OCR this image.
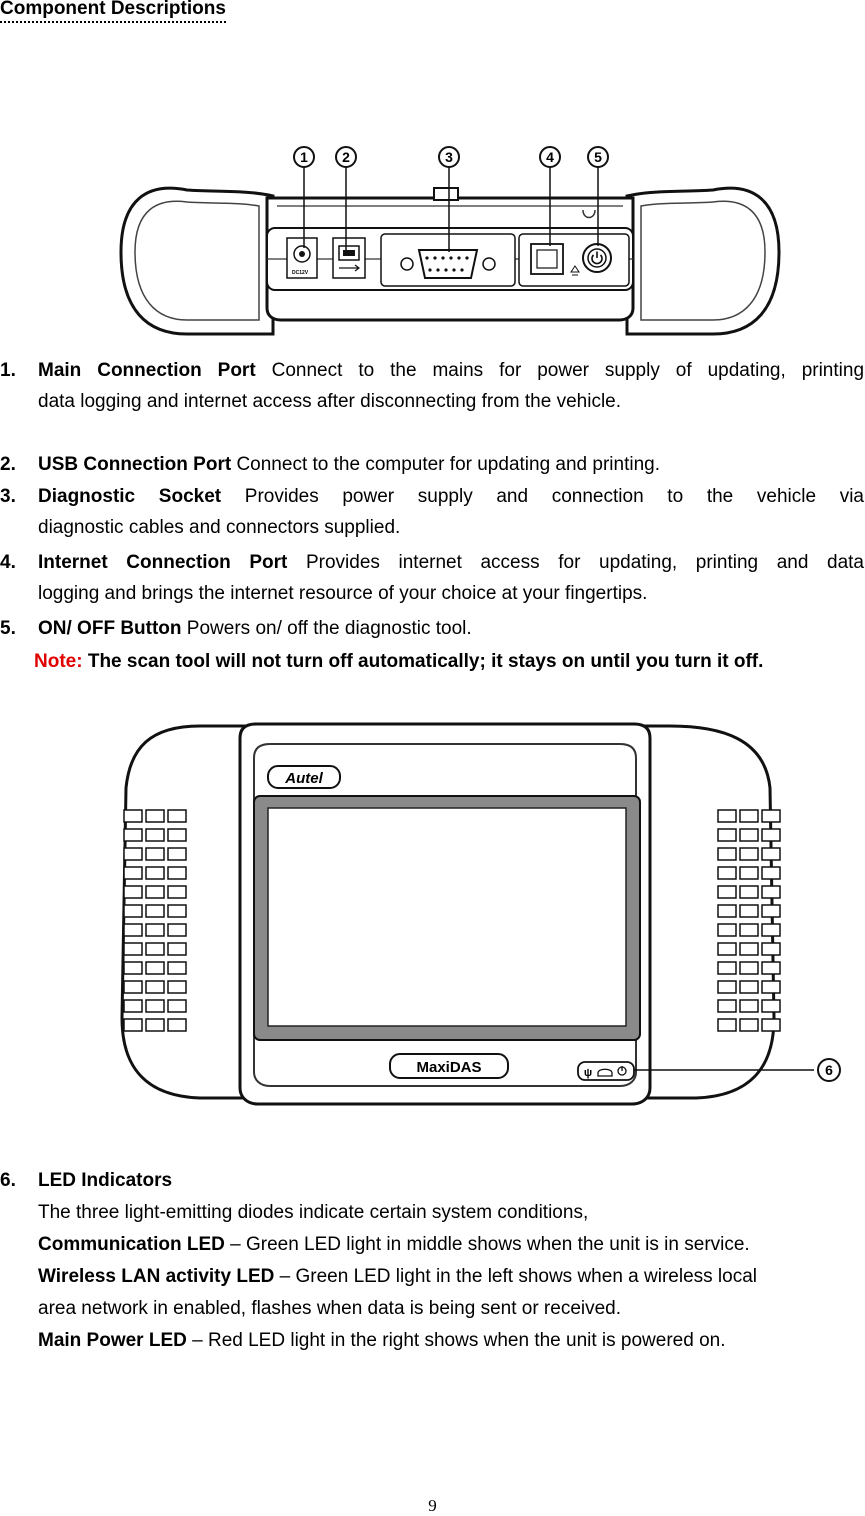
Component Descriptions
DC12V
1 2	3	4	5
1. Main Connection Port Connect to the mains for power supply of updating, printing
data logging and internet access after disconnecting from the vehicle.
2. USB Connection Port Connect to the computer for updating and printing.
3. Diagnostic Socket Provides power supply and connection to the vehicle via
diagnostic cables and connectors supplied.
4. Internet Connection Port Provides internet access for updating, printing and data
logging and brings the internet resource of your choice at your fingertips.
5. ON/ OFF Button Powers on/ off the diagnostic tool.
Note: The scan tool will not turn off automatically; it stays on until you turn it off.
Autel
MaxiDAS	ψ	6
6. LED Indicators
The three light-emitting diodes indicate certain system conditions,
Communication LED – Green LED light in middle shows when the unit is in service.
Wireless LAN activity LED – Green LED light in the left shows when a wireless local
area network in enabled, flashes when data is being sent or received.
Main Power LED – Red LED light in the right shows when the unit is powered on.
9
